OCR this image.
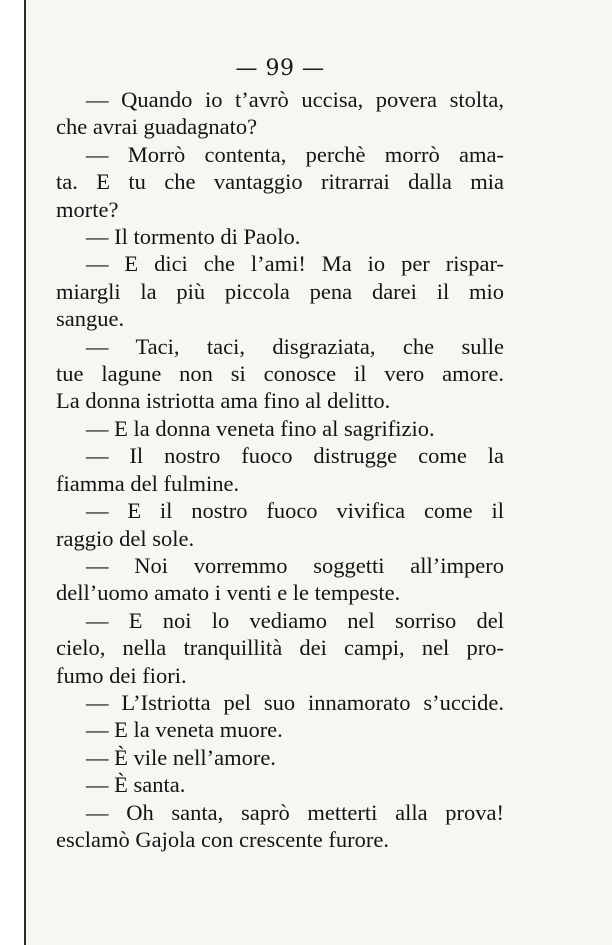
— 99 —
— Quando io t’avrò uccisa, povera stolta,
che avrai guadagnato?
— Morrò contenta, perchè morrò ama-
ta. E tu che vantaggio ritrarrai dalla mia
morte?
— Il tormento di Paolo.
— E dici che l’ami! Ma io per rispar-
miargli la più piccola pena darei il mio
sangue.
— Taci, taci, disgraziata, che sulle
tue lagune non si conosce il vero amore.
La donna istriotta ama fino al delitto.
— E la donna veneta fino al sagrifizio.
— Il nostro fuoco distrugge come la
fiamma del fulmine.
— E il nostro fuoco vivifica come il
raggio del sole.
— Noi vorremmo soggetti all’impero
dell’uomo amato i venti e le tempeste.
— E noi lo vediamo nel sorriso del
cielo, nella tranquillità dei campi, nel pro-
fumo dei fiori.
— L’Istriotta pel suo innamorato s’uccide.
— E la veneta muore.
— È vile nell’amore.
— È santa.
— Oh santa, saprò metterti alla prova!
esclamò Gajola con crescente furore.
